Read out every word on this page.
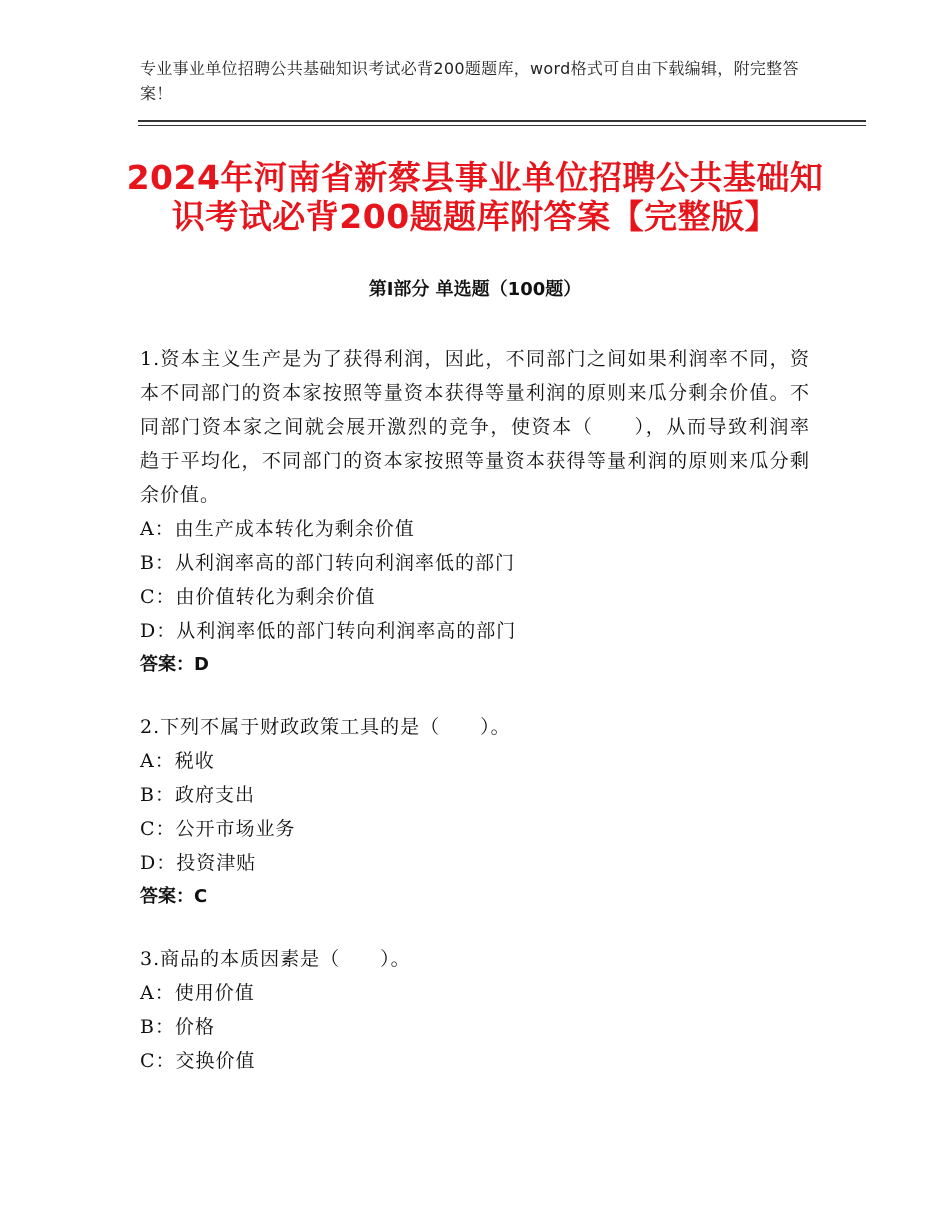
专业事业单位招聘公共基础知识考试必背200题题库，word格式可自由下载编辑，附完整答案！
2024年河南省新蔡县事业单位招聘公共基础知识考试必背200题题库附答案【完整版】
第Ⅰ部分 单选题（100题）
1.资本主义生产是为了获得利润，因此，不同部门之间如果利润率不同，资本不同部门的资本家按照等量资本获得等量利润的原则来瓜分剩余价值。不同部门资本家之间就会展开激烈的竞争，使资本（　　），从而导致利润率趋于平均化，不同部门的资本家按照等量资本获得等量利润的原则来瓜分剩余价值。
A：由生产成本转化为剩余价值
B：从利润率高的部门转向利润率低的部门
C：由价值转化为剩余价值
D：从利润率低的部门转向利润率高的部门
答案：D
2.下列不属于财政政策工具的是（　　）。
A：税收
B：政府支出
C：公开市场业务
D：投资津贴
答案：C
3.商品的本质因素是（　　）。
A：使用价值
B：价格
C：交换价值
